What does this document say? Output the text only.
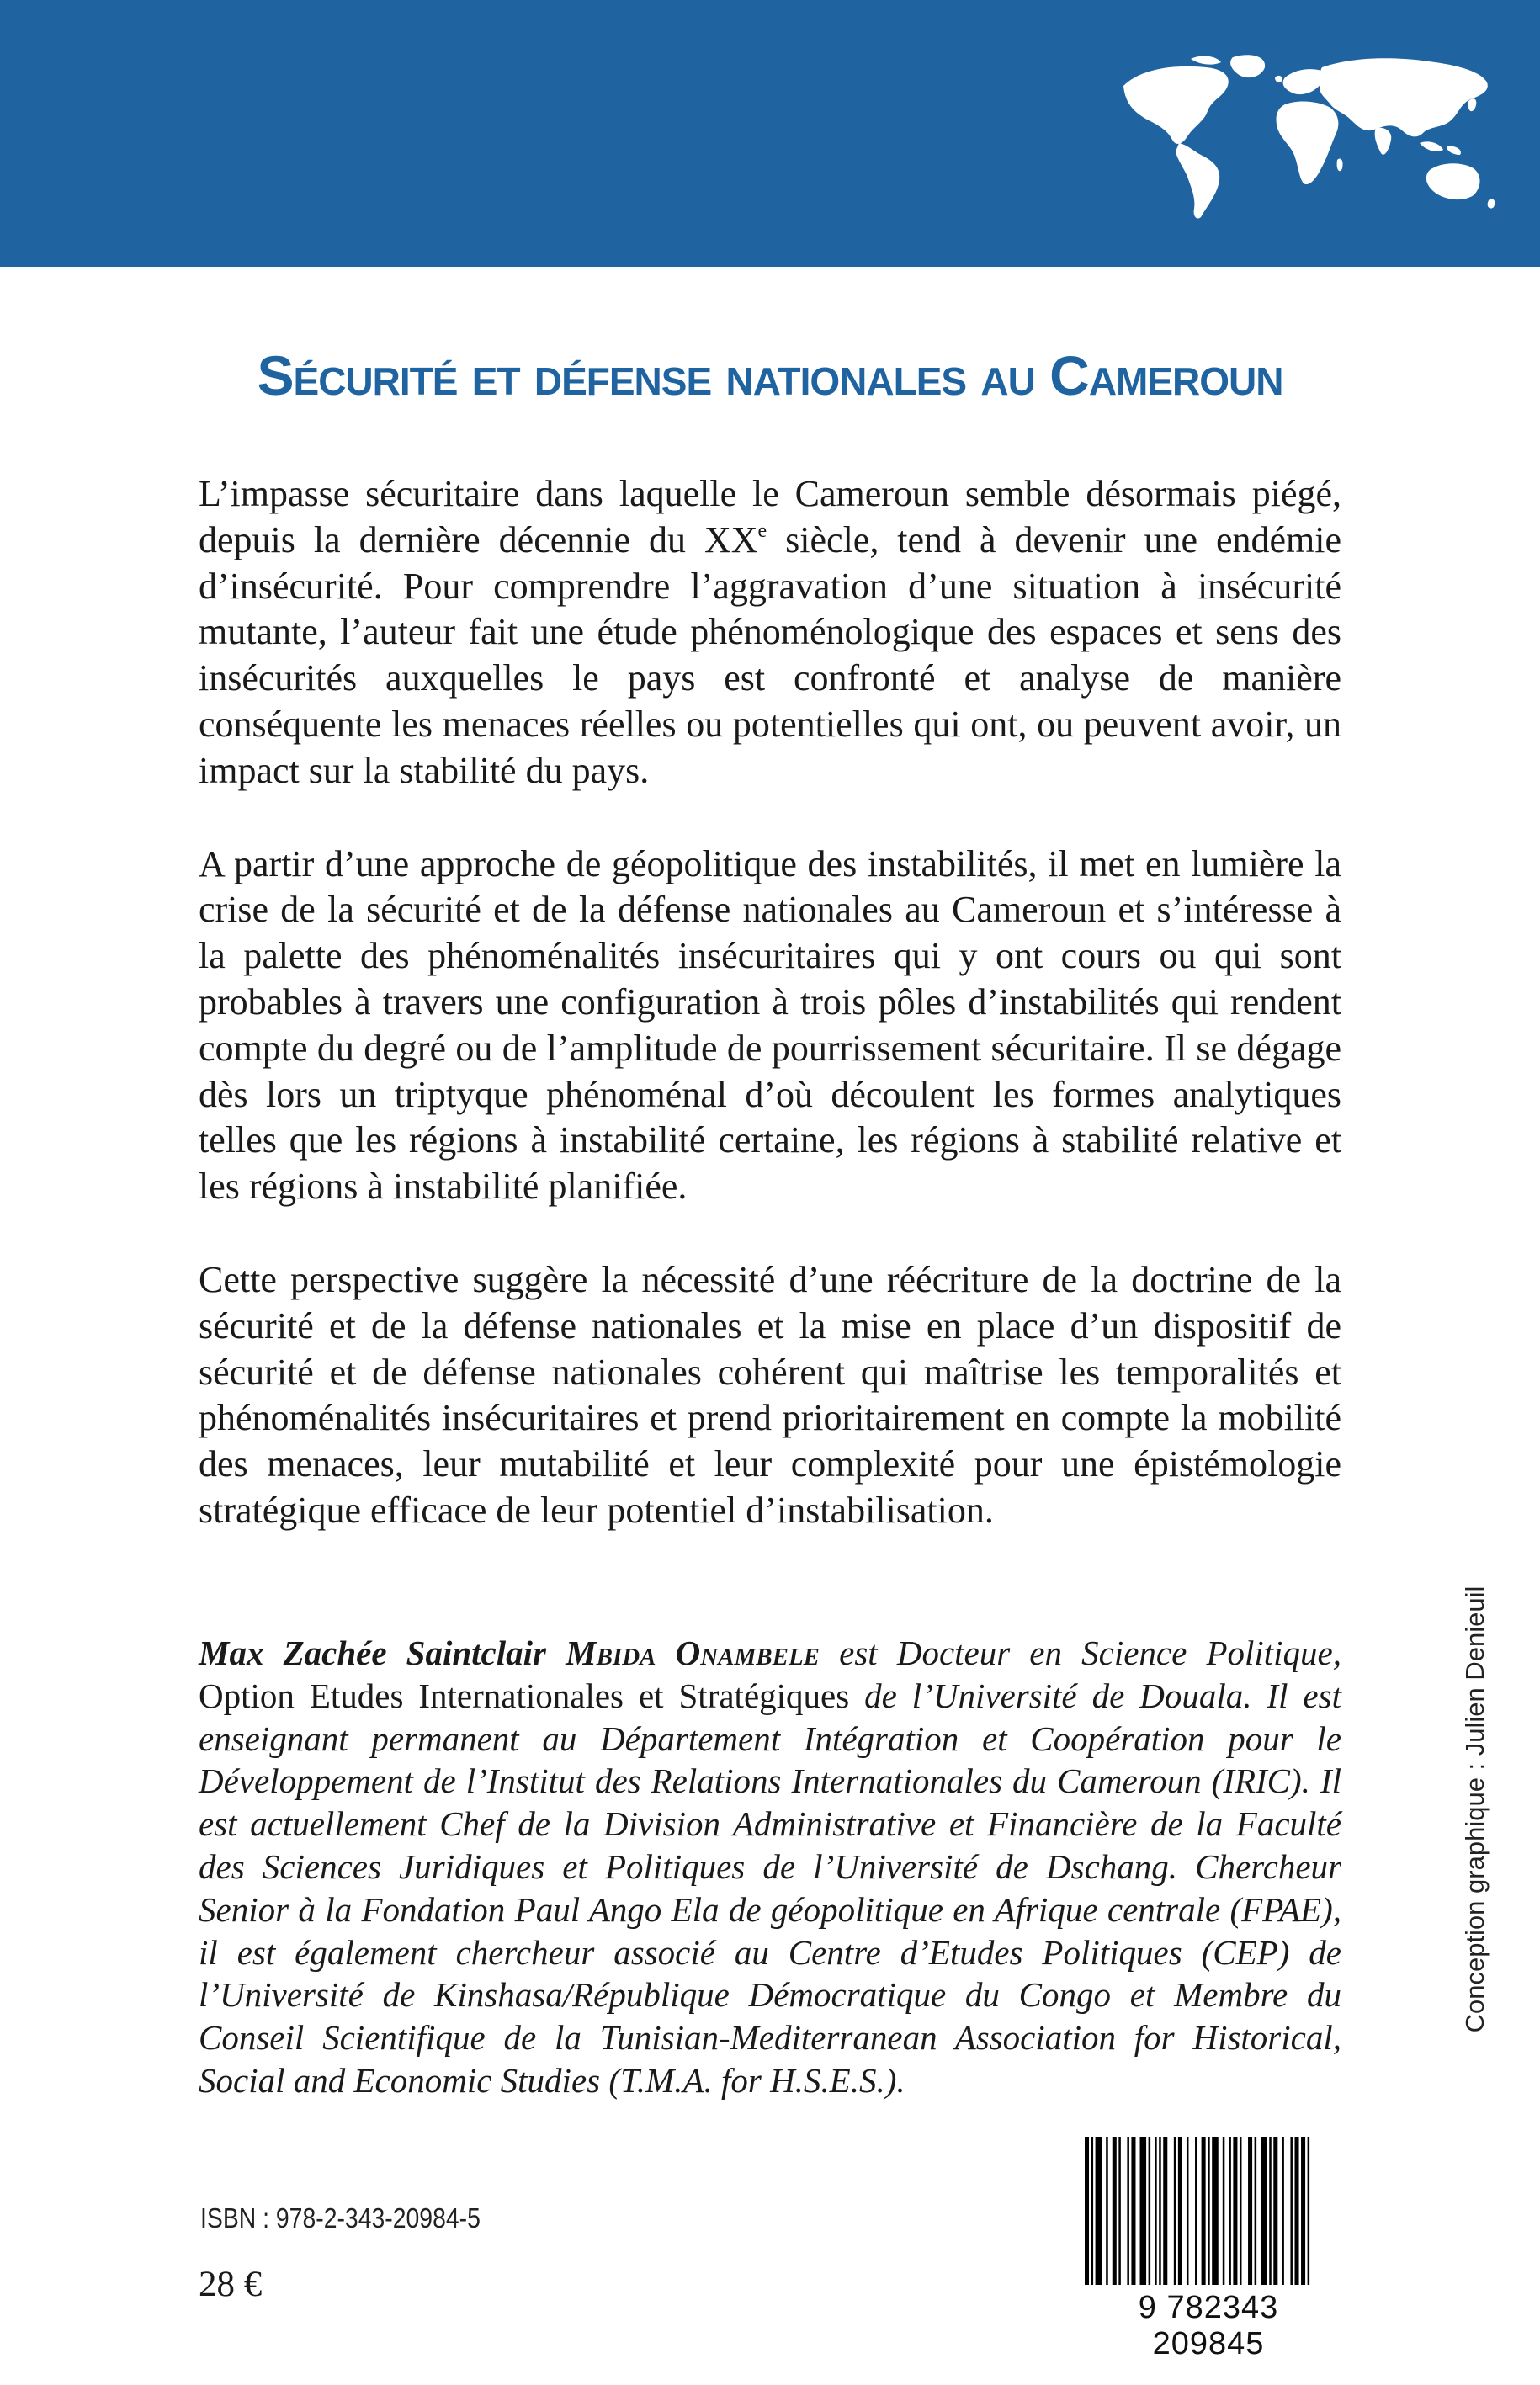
Sécurité et défense nationales au Cameroun

L’impasse sécuritaire dans laquelle le Cameroun semble désormais piégé, depuis la dernière décennie du XXe siècle, tend à devenir une endémie d’insécurité. Pour comprendre l’aggravation d’une situation à insécurité mutante, l’auteur fait une étude phénoménologique des espaces et sens des insécurités auxquelles le pays est confronté et analyse de manière conséquente les menaces réelles ou potentielles qui ont, ou peuvent avoir, un impact sur la stabilité du pays.

A partir d’une approche de géopolitique des instabilités, il met en lumière la crise de la sécurité et de la défense nationales au Cameroun et s’intéresse à la palette des phénoménalités insécuritaires qui y ont cours ou qui sont probables à travers une configuration à trois pôles d’instabilités qui rendent compte du degré ou de l’amplitude de pourrissement sécuritaire. Il se dégage dès lors un triptyque phénoménal d’où découlent les formes analytiques telles que les régions à instabilité certaine, les régions à stabilité relative et les régions à instabilité planifiée.

Cette perspective suggère la nécessité d’une réécriture de la doctrine de la sécurité et de la défense nationales et la mise en place d’un dispositif de sécurité et de défense nationales cohérent qui maîtrise les temporalités et phénoménalités insécuritaires et prend prioritairement en compte la mobilité des menaces, leur mutabilité et leur complexité pour une épistémologie stratégique efficace de leur potentiel d’instabilisation.

Max Zachée Saintclair Mbida Onambele est Docteur en Science Politique, Option Etudes Internationales et Stratégiques de l’Université de Douala. Il est enseignant permanent au Département Intégration et Coopération pour le Développement de l’Institut des Relations Internationales du Cameroun (IRIC). Il est actuellement Chef de la Division Administrative et Financière de la Faculté des Sciences Juridiques et Politiques de l’Université de Dschang. Chercheur Senior à la Fondation Paul Ango Ela de géopolitique en Afrique centrale (FPAE), il est également chercheur associé au Centre d’Etudes Politiques (CEP) de l’Université de Kinshasa/République Démocratique du Congo et Membre du Conseil Scientifique de la Tunisian-Mediterranean Association for Historical, Social and Economic Studies (T.M.A. for H.S.E.S.).

Conception graphique : Julien Denieuil
ISBN : 978-2-343-20984-5
28 €
9 782343 209845
